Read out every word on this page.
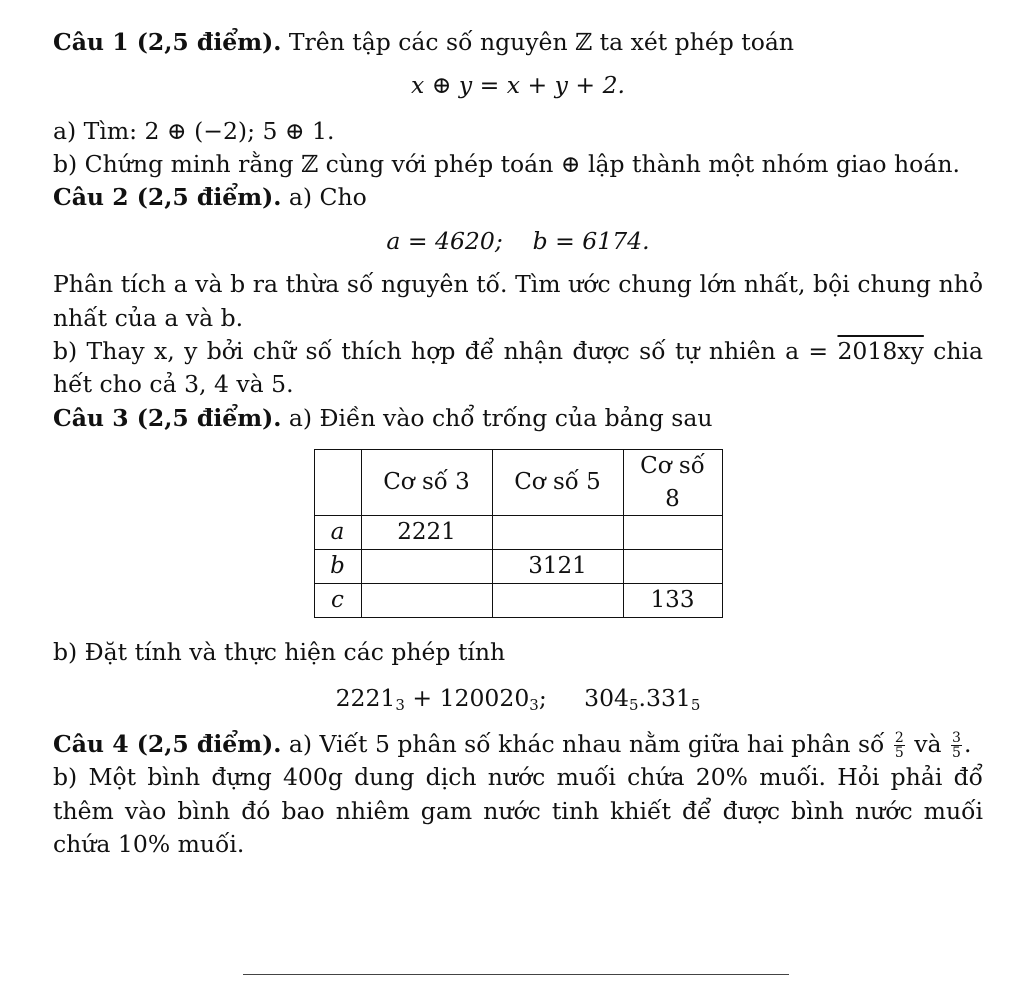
Câu 1 (2,5 điểm). Trên tập các số nguyên ℤ ta xét phép toán

x ⊕ y = x + y + 2.

a) Tìm: 2 ⊕ (−2); 5 ⊕ 1.

b) Chứng minh rằng ℤ cùng với phép toán ⊕ lập thành một nhóm giao hoán.

Câu 2 (2,5 điểm). a) Cho

a = 4620;    b = 6174.

Phân tích a và b ra thừa số nguyên tố. Tìm ước chung lớn nhất, bội chung nhỏ nhất của a và b.

b) Thay x, y bởi chữ số thích hợp để nhận được số tự nhiên a = 2018xy chia hết cho cả 3, 4 và 5.

Câu 3 (2,5 điểm). a) Điền vào chổ trống của bảng sau

	Cơ số 3	Cơ số 5	Cơ số 8
a	2221		
b		3121	
c			133

b) Đặt tính và thực hiện các phép tính

$2221_3 + 120020_3$;     $304_5.331_5$

Câu 4 (2,5 điểm). a) Viết 5 phân số khác nhau nằm giữa hai phân số $\frac{2}{5}$ và $\frac{3}{5}$ .

b) Một bình đựng 400g dung dịch nước muối chứa 20% muối. Hỏi phải đổ thêm vào bình đó bao nhiêm gam nước tinh khiết để được bình nước muối chứa 10% muối.
